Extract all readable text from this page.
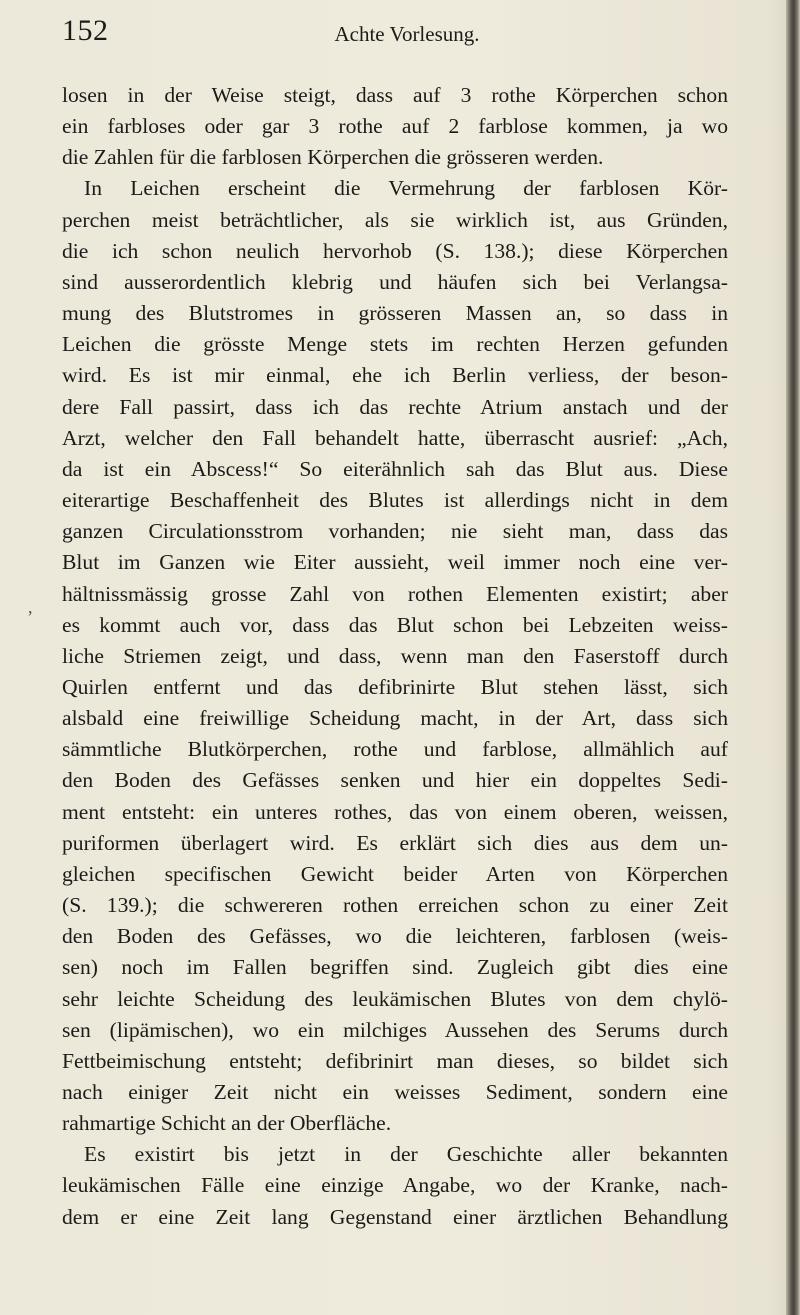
152	Achte Vorlesung.
,
losen in der Weise steigt, dass auf 3 rothe Körperchen schon
ein farbloses oder gar 3 rothe auf 2 farblose kommen, ja wo
die Zahlen für die farblosen Körperchen die grösseren werden.
In Leichen erscheint die Vermehrung der farblosen Kör-
perchen meist beträchtlicher, als sie wirklich ist, aus Gründen,
die ich schon neulich hervorhob (S. 138.); diese Körperchen
sind ausserordentlich klebrig und häufen sich bei Verlangsa-
mung des Blutstromes in grösseren Massen an, so dass in
Leichen die grösste Menge stets im rechten Herzen gefunden
wird. Es ist mir einmal, ehe ich Berlin verliess, der beson-
dere Fall passirt, dass ich das rechte Atrium anstach und der
Arzt, welcher den Fall behandelt hatte, überrascht ausrief: „Ach,
da ist ein Abscess!“ So eiterähnlich sah das Blut aus. Diese
eiterartige Beschaffenheit des Blutes ist allerdings nicht in dem
ganzen Circulationsstrom vorhanden; nie sieht man, dass das
Blut im Ganzen wie Eiter aussieht, weil immer noch eine ver-
hältnissmässig grosse Zahl von rothen Elementen existirt; aber
es kommt auch vor, dass das Blut schon bei Lebzeiten weiss-
liche Striemen zeigt, und dass, wenn man den Faserstoff durch
Quirlen entfernt und das defibrinirte Blut stehen lässt, sich
alsbald eine freiwillige Scheidung macht, in der Art, dass sich
sämmtliche Blutkörperchen, rothe und farblose, allmählich auf
den Boden des Gefässes senken und hier ein doppeltes Sedi-
ment entsteht: ein unteres rothes, das von einem oberen, weissen,
puriformen überlagert wird. Es erklärt sich dies aus dem un-
gleichen specifischen Gewicht beider Arten von Körperchen
(S. 139.); die schwereren rothen erreichen schon zu einer Zeit
den Boden des Gefässes, wo die leichteren, farblosen (weis-
sen) noch im Fallen begriffen sind. Zugleich gibt dies eine
sehr leichte Scheidung des leukämischen Blutes von dem chylö-
sen (lipämischen), wo ein milchiges Aussehen des Serums durch
Fettbeimischung entsteht; defibrinirt man dieses, so bildet sich
nach einiger Zeit nicht ein weisses Sediment, sondern eine
rahmartige Schicht an der Oberfläche.
Es existirt bis jetzt in der Geschichte aller bekannten
leukämischen Fälle eine einzige Angabe, wo der Kranke, nach-
dem er eine Zeit lang Gegenstand einer ärztlichen Behandlung
